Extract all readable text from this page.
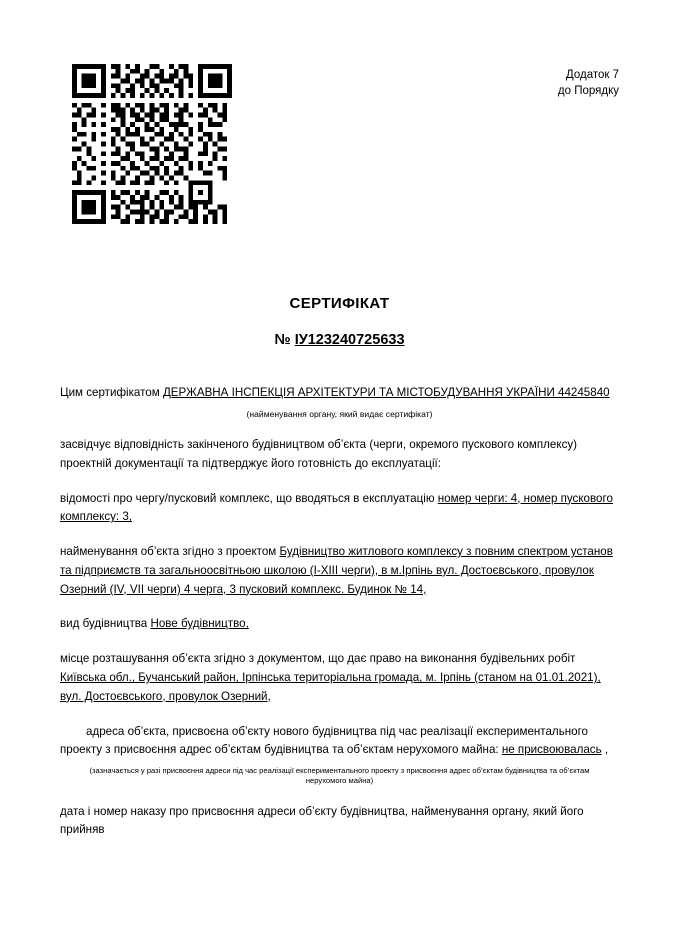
Додаток 7
до Порядку
СЕРТИФІКАТ
№ IУ123240725633
Цим сертифікатом ДЕРЖАВНА ІНСПЕКЦІЯ АРХІТЕКТУРИ ТА МІСТОБУДУВАННЯ УКРАЇНИ 44245840
(найменування органу, який видає сертифікат)
засвідчує відповідність закінченого будівництвом об’єкта (черги, окремого пускового комплексу) проектній документації та підтверджує його готовність до експлуатації:
відомості про чергу/пусковий комплекс, що вводяться в експлуатацію номер черги: 4, номер пускового комплексу: 3,
найменування об’єкта згідно з проектом Будівництво житлового комплексу з повним спектром установ та підприємств та загальноосвітньою школою (I-XIII черги), в м.Ірпінь вул. Достоєвського, провулок Озерний (IV, VII черги) 4 черга, 3 пусковий комплекс. Будинок № 14,
вид будівництва Нове будівництво,
місце розташування об’єкта згідно з документом, що дає право на виконання будівельних робіт Київська обл., Бучанський район, Ірпінська територіальна громада, м. Ірпінь (станом на 01.01.2021), вул. Достоєвського, провулок Озерний,
адреса об’єкта, присвоєна об’єкту нового будівництва під час реалізації експериментального проекту з присвоєння адрес об’єктам будівництва та об’єктам нерухомого майна: не присвоювалась ,
(зазначається у разі присвоєння адреси під час реалізації експериментального проекту з присвоєння адрес об’єктам будівництва та об’єктам нерухомого майна)
дата і номер наказу про присвоєння адреси об’єкту будівництва, найменування органу, який його прийняв
